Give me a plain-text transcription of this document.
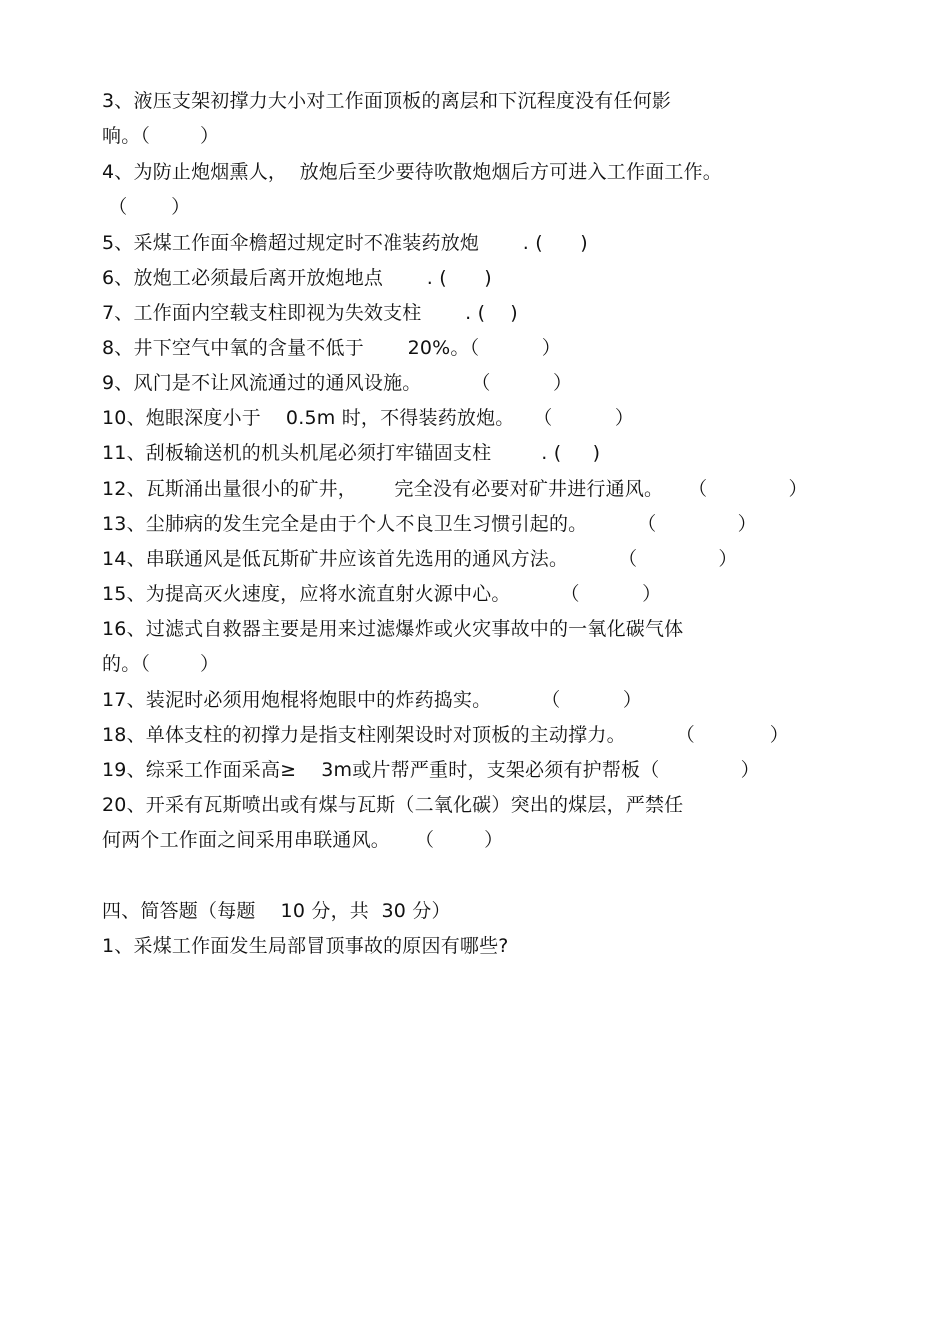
3、液压支架初撑力大小对工作面顶板的离层和下沉程度没有任何影
响。（        ）
4、为防止炮烟熏人，  放炮后至少要待吹散炮烟后方可进入工作面工作。
（       ）
5、采煤工作面伞檐超过规定时不准装药放炮       . (      )
6、放炮工必须最后离开放炮地点       . (      )
7、工作面内空载支柱即视为失效支柱       . (    )
8、井下空气中氧的含量不低于       20%。（          ）
9、风门是不让风流通过的通风设施。        （          ）
10、炮眼深度小于    0.5m 时，不得装药放炮。   （          ）
11、刮板输送机的机头机尾必须打牢锚固支柱        . (     )
12、瓦斯涌出量很小的矿井，      完全没有必要对矿井进行通风。    （             ）
13、尘肺病的发生完全是由于个人不良卫生习惯引起的。        （             ）
14、串联通风是低瓦斯矿井应该首先选用的通风方法。        （             ）
15、为提高灭火速度，应将水流直射火源中心。        （          ）
16、过滤式自救器主要是用来过滤爆炸或火灾事故中的一氧化碳气体
的。（        ）
17、装泥时必须用炮棍将炮眼中的炸药捣实。        （          ）
18、单体支柱的初撑力是指支柱刚架设时对顶板的主动撑力。        （            ）
19、综采工作面采高≥    3m或片帮严重时，支架必须有护帮板（             ）
20、开采有瓦斯喷出或有煤与瓦斯（二氧化碳）突出的煤层，严禁任
何两个工作面之间采用串联通风。    （        ）
四、简答题（每题    10 分，共  30 分）
1、采煤工作面发生局部冒顶事故的原因有哪些?
